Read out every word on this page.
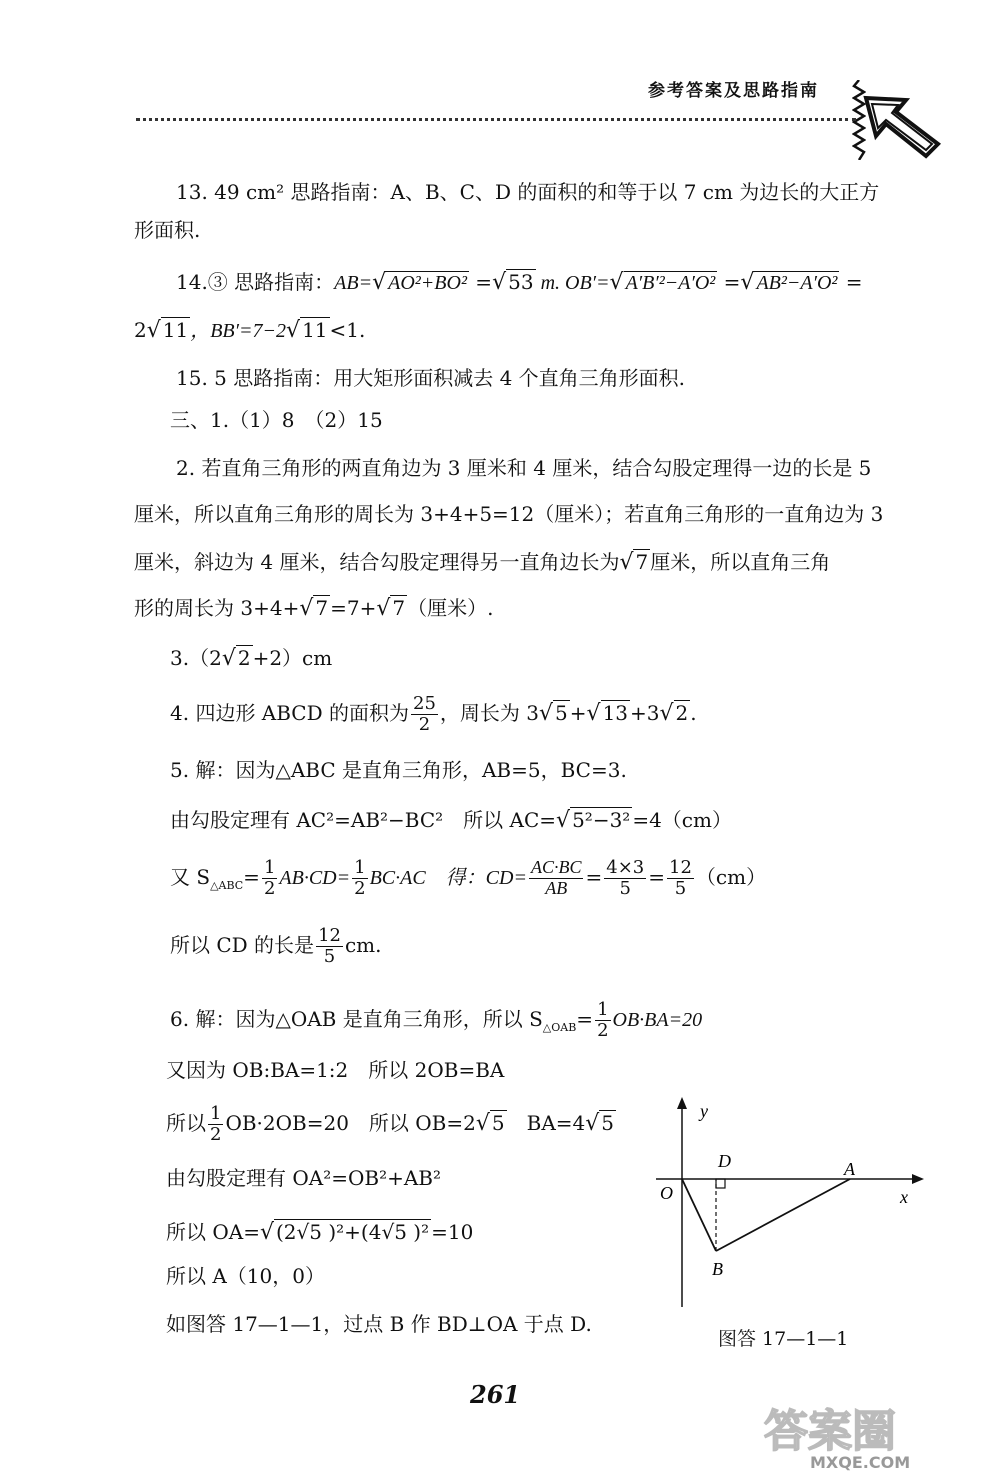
参考答案及思路指南
13. 49 cm² 思路指南：A、B、C、D 的面积的和等于以 7 cm 为边长的大正方
形面积.
14.③ 思路指南：AB=√ AO²+BO² =√ 53 m. OB′=√ A′B′²−A′O² =√ AB²−A′O² =
2√ 11 ，BB′=7−2√ 11 <1.
15. 5 思路指南：用大矩形面积减去 4 个直角三角形面积.
三、1.（1）8　（2）15
2. 若直角三角形的两直角边为 3 厘米和 4 厘米，结合勾股定理得一边的长是 5
厘米，所以直角三角形的周长为 3+4+5=12（厘米）；若直角三角形的一直角边为 3
厘米，斜边为 4 厘米，结合勾股定理得另一直角边长为√ 7 厘米，所以直角三角
形的周长为 3+4+√ 7 =7+√ 7 （厘米）.
3.（2√ 2 +2）cm
4. 四边形 ABCD 的面积为 $\frac{25}{2}$ ，周长为 3√ 5 +√ 13 +3√ 2 .
5. 解：因为△ABC 是直角三角形，AB=5，BC=3.
由勾股定理有 AC²=AB²−BC²　所以 AC=√ 5²−3² =4（cm）
又 $S_{\triangle ABC}= \frac{1}{2} AB\cdot CD= \frac{1}{2} BC\cdot AC$　得：$CD= \frac{AC\cdot BC}{AB} = \frac{4\times 3}{5} = \frac{12}{5} (cm)$
所以 CD 的长是 $\frac{12}{5}$ cm.
6. 解：因为△OAB 是直角三角形，所以 $S_{\triangle OAB}= \frac{1}{2} OB\cdot BA=20$
又因为 OB:BA=1:2　所以 2OB=BA
所以 $\frac{1}{2} OB\cdot 2OB=20$　所以 OB=2√ 5　BA=4√ 5
由勾股定理有 OA²=OB²+AB²
所以 OA=√ (2√5 )²+(4√5 )² =10
所以 A（10，0）
如图答 17—1—1，过点 B 作 BD⊥OA 于点 D.
y
x
O
D	A
B
图答 17—1—1
261
答案圈
MXQE.COM
